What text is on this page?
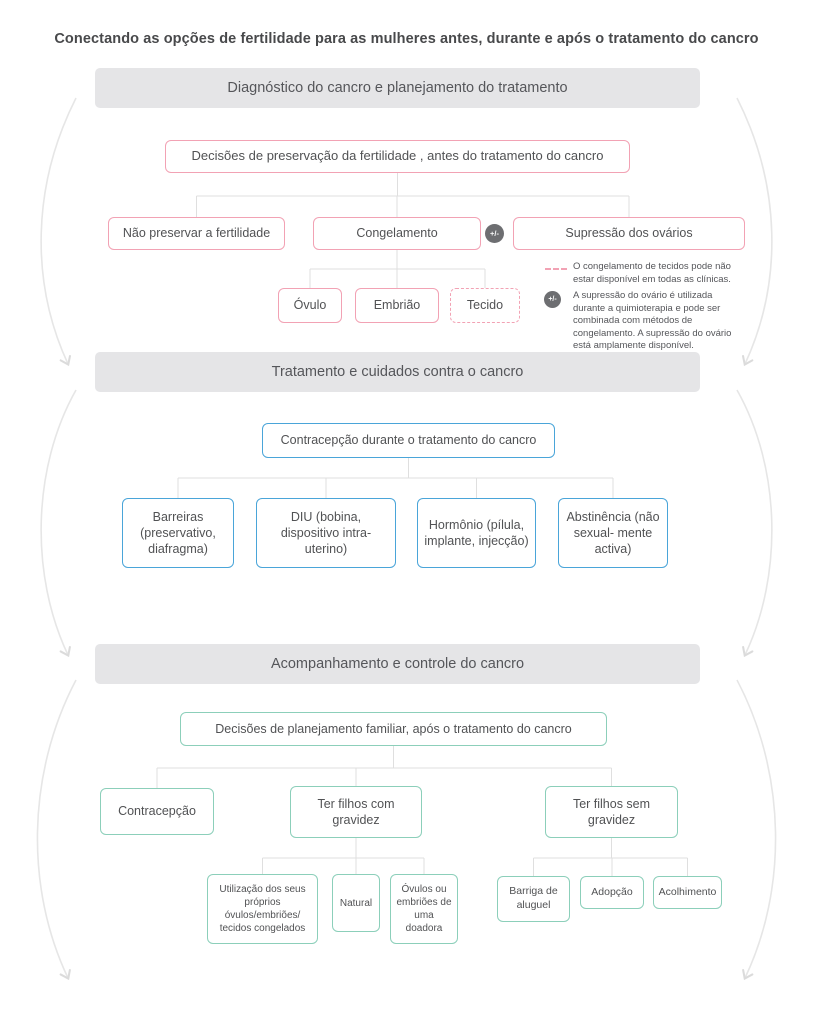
Conectando as opções de fertilidade para as mulheres antes, durante e após o tratamento do cancro
Diagnóstico do cancro e planejamento do tratamento
Decisões de preservação da fertilidade , antes do tratamento do cancro
Não preservar a fertilidade	Congelamento	+/-	Supressão dos ovários
Óvulo	Embrião	Tecido
O congelamento de tecidos pode não estar disponível em todas as clínicas.
+/-	A supressão do ovário é utilizada durante a quimioterapia e pode ser combinada com métodos de congelamento. A supressão do ovário está amplamente disponível.
Tratamento e cuidados contra o cancro
Contracepção durante o tratamento do cancro
Barreiras (preservativo, diafragma)
DIU (bobina, dispositivo intra-uterino)
Hormônio (pílula, implante, injecção)
Abstinência (não sexual- mente activa)
Acompanhamento e controle do cancro
Decisões de planejamento familiar, após o tratamento do cancro
Contracepção
Ter filhos com gravidez
Ter filhos sem gravidez
Utilização dos seus próprios óvulos/embriões/ tecidos congelados
Natural
Óvulos ou embriões de uma doadora
Barriga de aluguel
Adopção	Acolhimento
